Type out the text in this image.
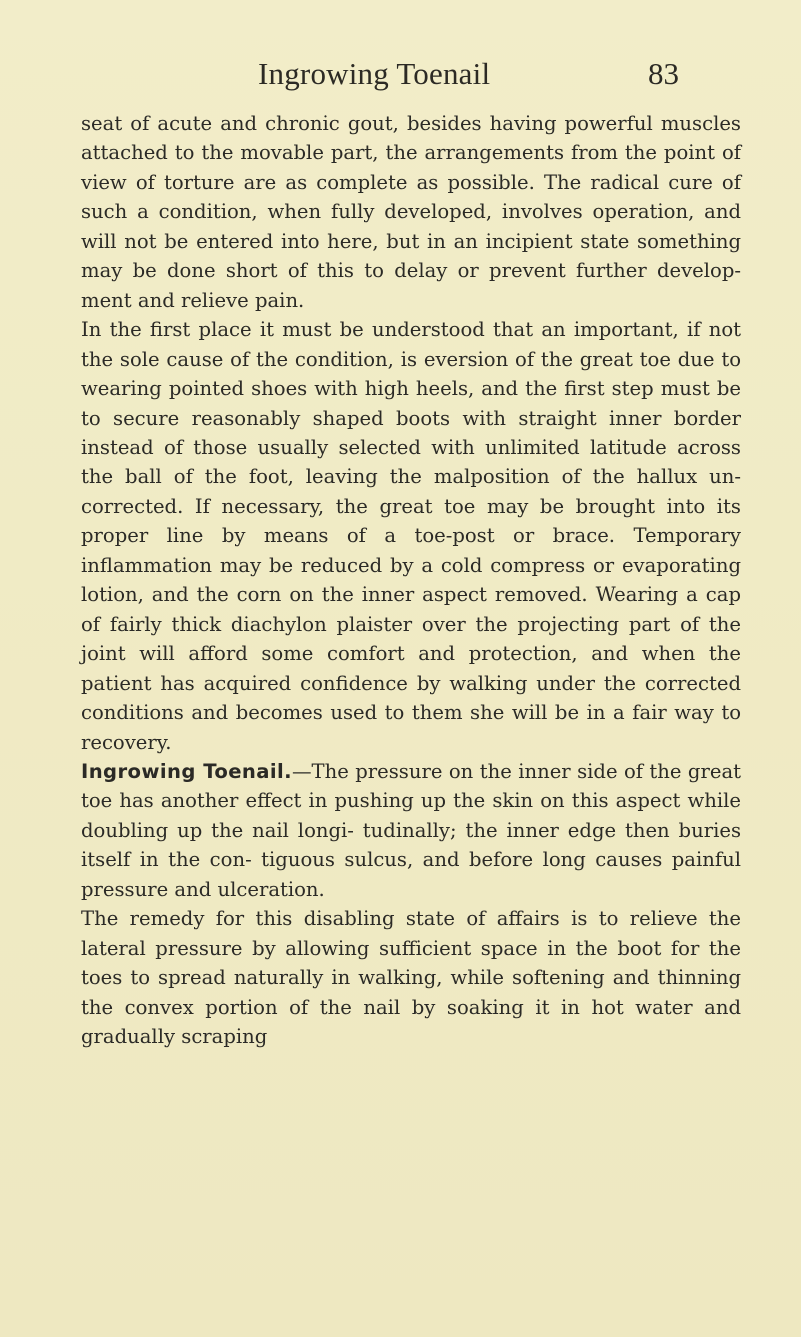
Ingrowing Toenail	83

seat of acute and chronic gout, besides having powerful muscles attached to the movable part, the arrangements from the point of view of torture are as complete as possible. The radical cure of such a condition, when fully developed, involves operation, and will not be entered into here, but in an incipient state something may be done short of this to delay or prevent further develop- ment and relieve pain.

In the first place it must be understood that an important, if not the sole cause of the condition, is eversion of the great toe due to wearing pointed shoes with high heels, and the first step must be to secure reasonably shaped boots with straight inner border instead of those usually selected with unlimited latitude across the ball of the foot, leaving the malposition of the hallux un- corrected. If necessary, the great toe may be brought into its proper line by means of a toe-post or brace. Temporary inflammation may be reduced by a cold compress or evaporating lotion, and the corn on the inner aspect removed. Wearing a cap of fairly thick diachylon plaister over the projecting part of the joint will afford some comfort and protection, and when the patient has acquired confidence by walking under the corrected conditions and becomes used to them she will be in a fair way to recovery.

Ingrowing Toenail.—The pressure on the inner side of the great toe has another effect in pushing up the skin on this aspect while doubling up the nail longi- tudinally; the inner edge then buries itself in the con- tiguous sulcus, and before long causes painful pressure and ulceration.

The remedy for this disabling state of affairs is to relieve the lateral pressure by allowing sufficient space in the boot for the toes to spread naturally in walking, while softening and thinning the convex portion of the nail by soaking it in hot water and gradually scraping
